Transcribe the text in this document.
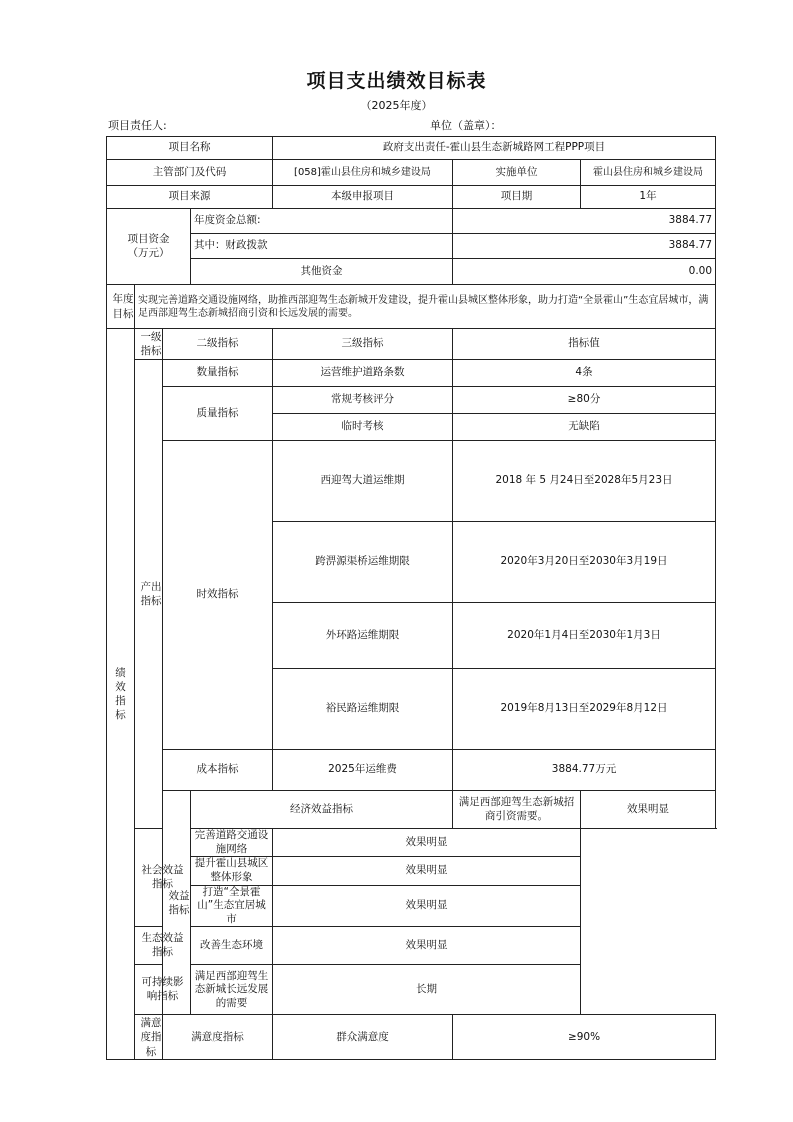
项目支出绩效目标表
（2025年度）
项目责任人:	单位（盖章）：
项目名称				政府支出责任-霍山县生态新城路网工程PPP项目		
主管部门及代码				[058]霍山县住房和城乡建设局	实施单位	霍山县住房和城乡建设局
项目来源				本级申报项目	项目期	1年
项目资金
（万元）			年度资金总额:		3884.77	
			其中：财政拨款		3884.77	
			其他资金		0.00	

年度目标	实现完善道路交通设施网络，助推西部迎驾生态新城开发建设，提升霍山县城区整体形象，助力打造“全景霍山”生态宜居城市，满足西部迎驾生态新城招商引资和长远发展的需要。					

绩效指标	一级指标	二级指标		三级指标	指标值	

	产出指标	数量指标		运营维护道路条数	4条	
		质量指标		常规考核评分	≥80分	
				临时考核	无缺陷	
		时效指标		西迎驾大道运维期	2018 年 5 月24日至2028年5月23日	
				跨淠源渠桥运维期限	2020年3月20日至2030年3月19日	
				外环路运维期限	2020年1月4日至2030年1月3日	
				裕民路运维期限	2019年8月13日至2029年8月12日	
		成本指标		2025年运维费	3884.77万元	

		效益指标	经济效益指标		满足西部迎驾生态新城招商引资需要。	效果明显
	社会效益指标		完善道路交通设施网络	效果明显		
			提升霍山县城区整体形象	效果明显		
			打造“全景霍山”生态宜居城市	效果明显		
	生态效益指标		改善生态环境	效果明显		
	可持续影响指标		满足西部迎驾生态新城长远发展的需要	长期		

	满意度指标	满意度指标		群众满意度	≥90%	
